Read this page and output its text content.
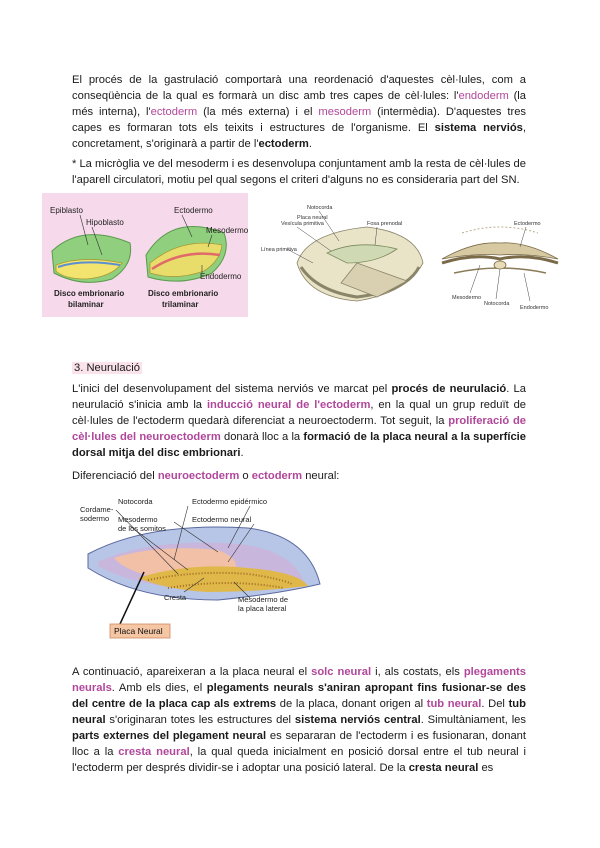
El procés de la gastrulació comportarà una reordenació d'aquestes cèl·lules, com a conseqüència de la qual es formarà un disc amb tres capes de cèl·lules: l'endoderm (la més interna), l'ectoderm (la més externa) i el mesoderm (intermèdia). D'aquestes tres capes es formaran tots els teixits i estructures de l'organisme. El sistema nerviós, concretament, s'originarà a partir de l'ectoderm.

* La micròglia ve del mesoderm i es desenvolupa conjuntament amb la resta de cèl·lules de l'aparell circulatori, motiu pel qual segons el criteri d'alguns no es consideraria part del SN.

Epiblasto
Hipoblasto
Ectodermo
Mesodermo
Endodermo
Disco embrionario
bilaminar
Disco embrionario
trilaminar
Notocorda
Vesícula primitiva
Placa neural
Línea primitiva
Fosa prenodal	Ectodermo
Mesodermo
Notocorda
Endodermo
3. Neurulació

L'inici del desenvolupament del sistema nerviós ve marcat pel procés de neurulació. La neurulació s'inicia amb la inducció neural de l'ectoderm, en la qual un grup reduït de cèl·lules de l'ectoderm quedarà diferenciat a neuroectoderm. Tot seguit, la proliferació de cèl·lules del neuroectoderm donarà lloc a la formació de la placa neural a la superfície dorsal mitja del disc embrionari.

Diferenciació del neuroectoderm o ectoderm neural:

Cordame-
sodermo
Notocorda
Mesodermo
de los somitos
Ectodermo epidérmico
Ectodermo neural
Cresta	Mesodermo de
la placa lateral
Placa Neural

A continuació, apareixeran a la placa neural el solc neural i, als costats, els plegaments neurals. Amb els dies, el plegaments neurals s'aniran apropant fins fusionar-se des del centre de la placa cap als extrems de la placa, donant origen al tub neural. Del tub neural s'originaran totes les estructures del sistema nerviós central. Simultàniament, les parts externes del plegament neural es separaran de l'ectoderm i es fusionaran, donant lloc a la cresta neural, la qual queda inicialment en posició dorsal entre el tub neural i l'ectoderm per després dividir-se i adoptar una posició lateral. De la cresta neural es
